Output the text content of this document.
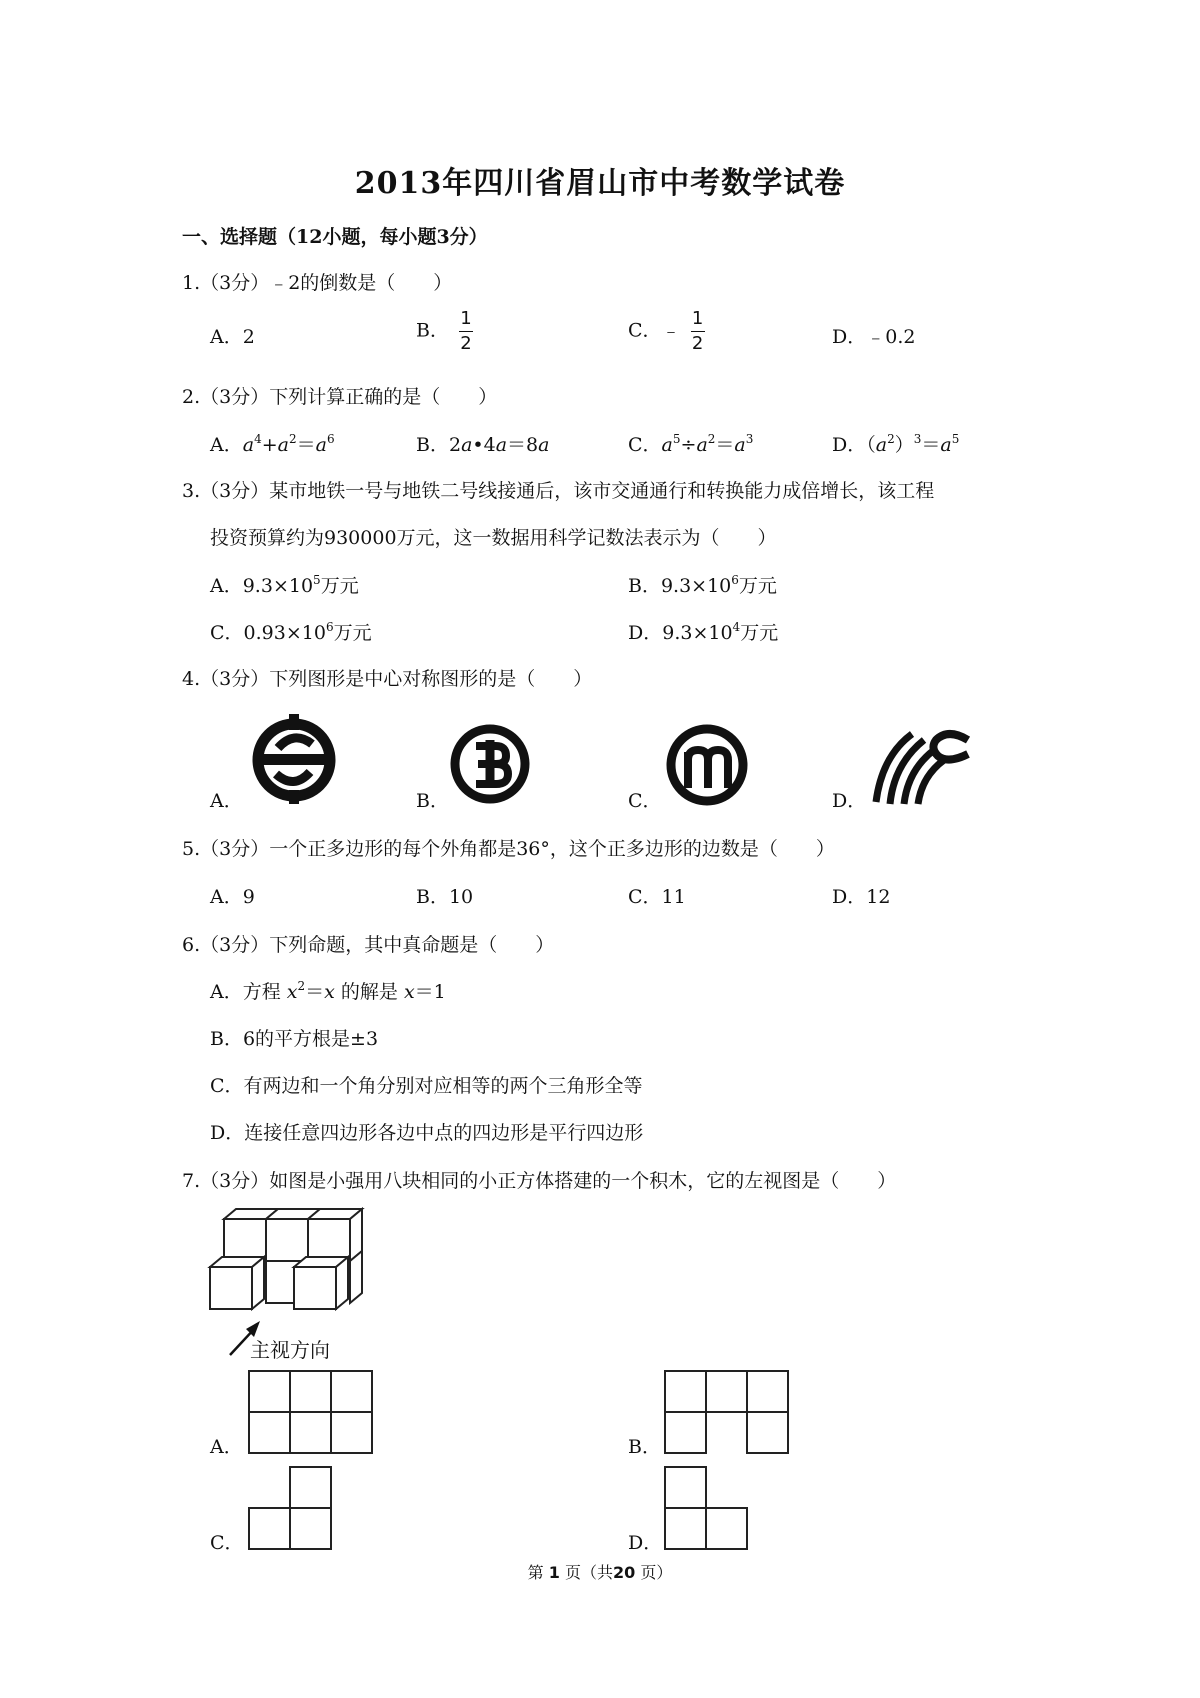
2013年四川省眉山市中考数学试卷
一、选择题（12小题，每小题3分）
1.（3分）﹣2的倒数是（　　）
A．2	B． $\frac{1}{2}$	C．﹣ $\frac{1}{2}$	D．﹣0.2
2.（3分）下列计算正确的是（　　）
A．$a^4+a^2=a^6$	B．2a•4a＝8a	C．$a^5\div a^2=a^3$	D．$(a^2)^3=a^5$
3.（3分）某市地铁一号与地铁二号线接通后，该市交通通行和转换能力成倍增长，该工程
投资预算约为930000万元，这一数据用科学记数法表示为（　　）
A．$9.3\times 10^5$万元	B．$9.3\times 10^6$万元
C．$0.93\times 10^6$万元	D．$9.3\times 10^4$万元
4.（3分）下列图形是中心对称图形的是（　　）
A．	B．	C．	D．
5.（3分）一个正多边形的每个外角都是36°，这个正多边形的边数是（　　）
A．9	B．10	C．11	D．12
6.（3分）下列命题，其中真命题是（　　）
A．方程 $x^2=x$ 的解是 x＝1
B．6的平方根是±3
C．有两边和一个角分别对应相等的两个三角形全等
D．连接任意四边形各边中点的四边形是平行四边形
7.（3分）如图是小强用八块相同的小正方体搭建的一个积木，它的左视图是（　　）
主视方向
A．	B．
C．	D．
第 1 页（共20 页）
